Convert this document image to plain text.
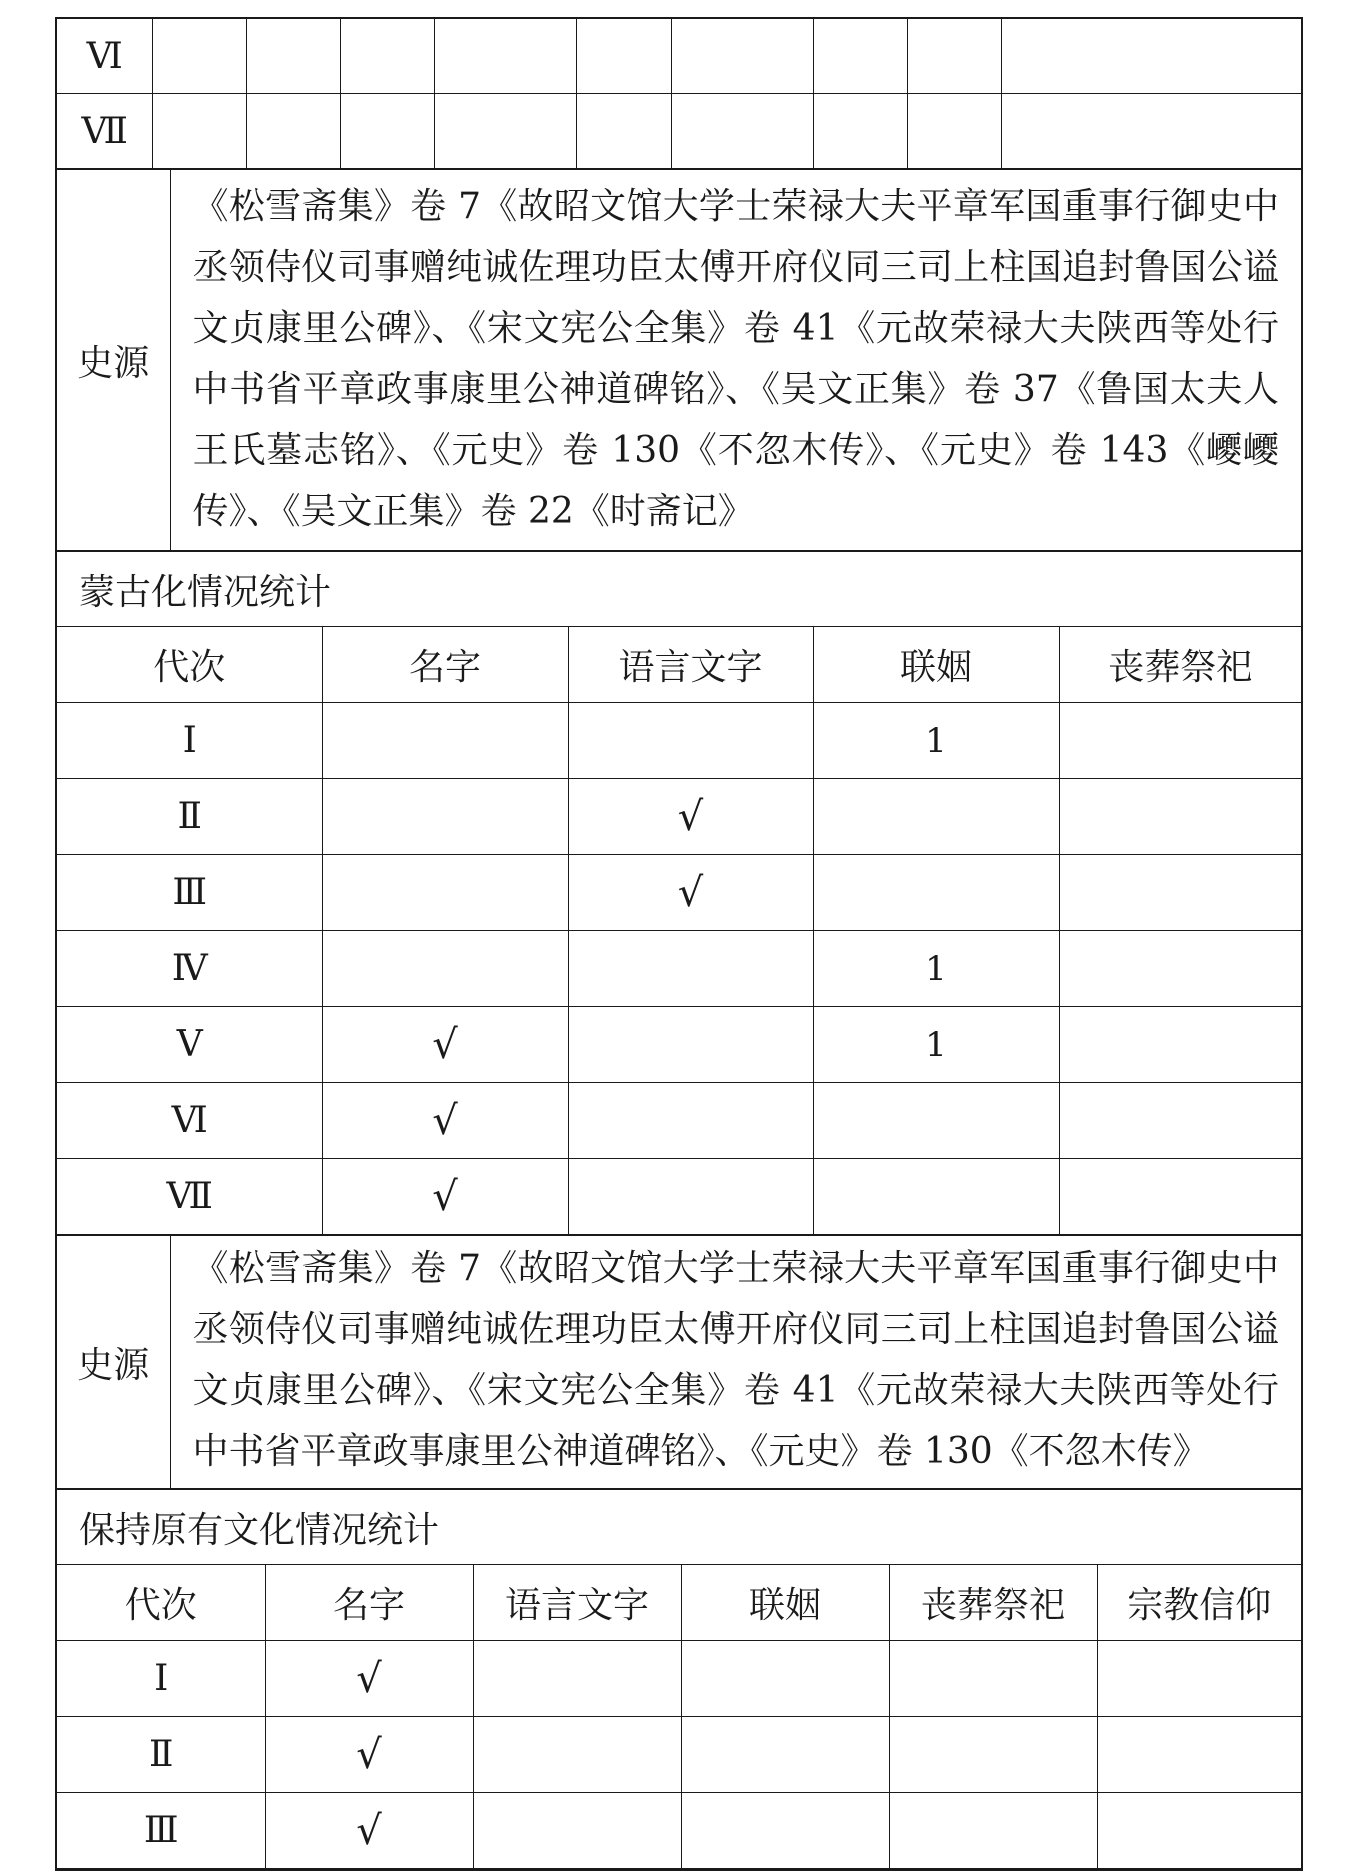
Ⅵ									
Ⅶ									
史源	《松雪斋集》卷 7《故昭文馆大学士荣禄大夫平章军国重事行御史中丞领侍仪司事赠纯诚佐理功臣太傅开府仪同三司上柱国追封鲁国公谥文贞康里公碑》、《宋文宪公全集》卷 41《元故荣禄大夫陕西等处行中书省平章政事康里公神道碑铭》、《吴文正集》卷 37《鲁国太夫人王氏墓志铭》、《元史》卷 130《不忽木传》、《元史》卷 143《巎巎传》、《吴文正集》卷 22《时斋记》
蒙古化情况统计				
代次	名字	语言文字	联姻	丧葬祭祀
Ⅰ			1	
Ⅱ		√		
Ⅲ		√		
Ⅳ			1	
Ⅴ	√		1	
Ⅵ	√			
Ⅶ	√			
史源	《松雪斋集》卷 7《故昭文馆大学士荣禄大夫平章军国重事行御史中丞领侍仪司事赠纯诚佐理功臣太傅开府仪同三司上柱国追封鲁国公谥文贞康里公碑》、《宋文宪公全集》卷 41《元故荣禄大夫陕西等处行中书省平章政事康里公神道碑铭》、《元史》卷 130《不忽木传》
保持原有文化情况统计					
代次	名字	语言文字	联姻	丧葬祭祀	宗教信仰
Ⅰ	√				
Ⅱ	√				
Ⅲ	√				
